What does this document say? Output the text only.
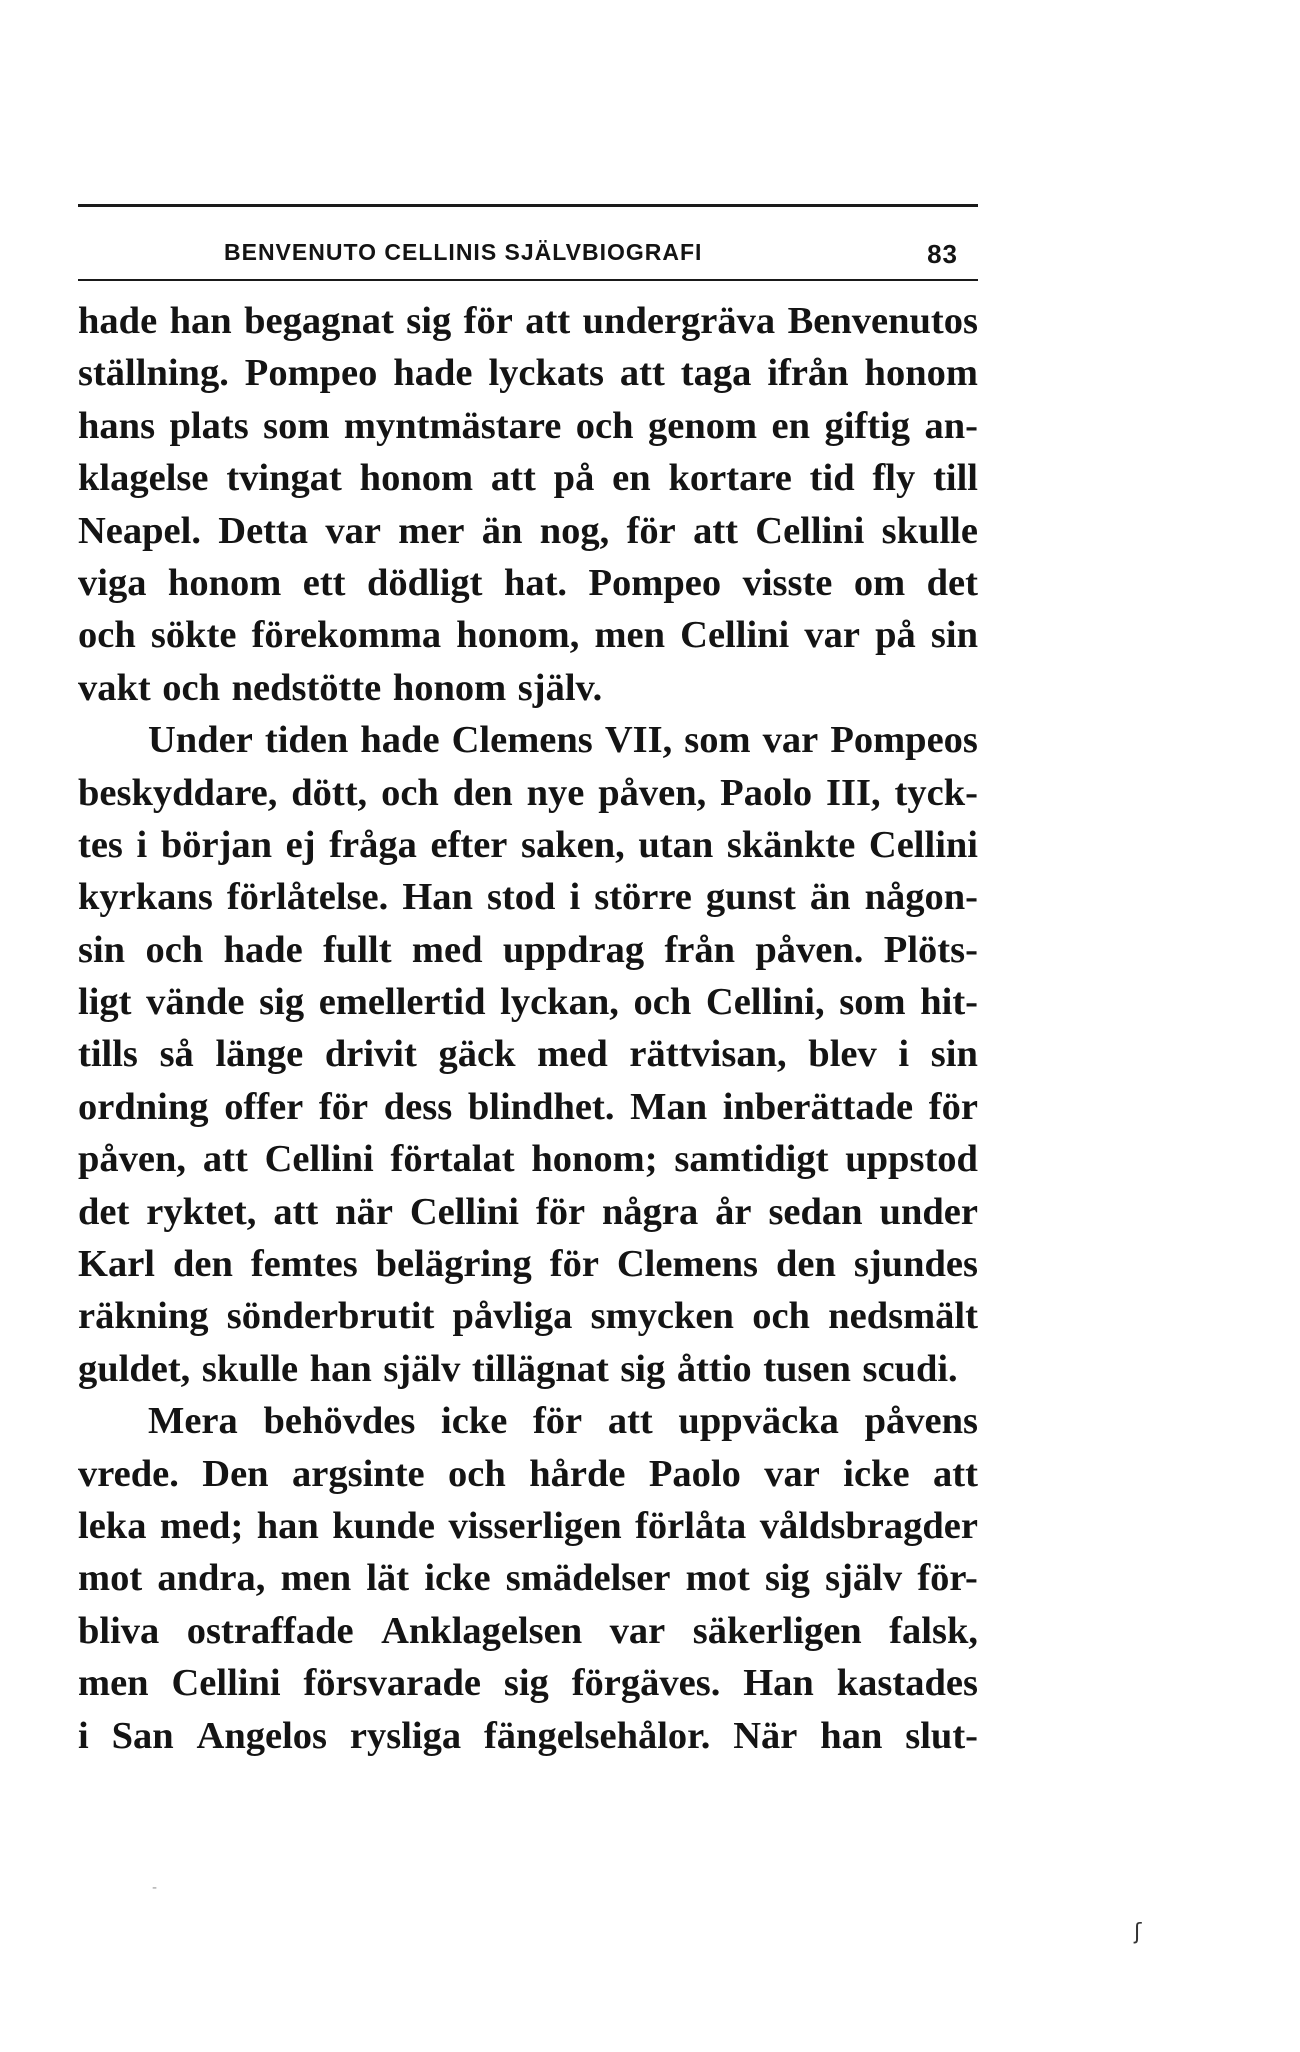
BENVENUTO CELLINIS SJÄLVBIOGRAFI	83
hade han begagnat sig för att undergräva Benvenutos
ställning. Pompeo hade lyckats att taga ifrån honom
hans plats som myntmästare och genom en giftig an-
klagelse tvingat honom att på en kortare tid fly till
Neapel. Detta var mer än nog, för att Cellini skulle
viga honom ett dödligt hat. Pompeo visste om det
och sökte förekomma honom, men Cellini var på sin
vakt och nedstötte honom själv.
Under tiden hade Clemens VII, som var Pompeos
beskyddare, dött, och den nye påven, Paolo III, tyck-
tes i början ej fråga efter saken, utan skänkte Cellini
kyrkans förlåtelse. Han stod i större gunst än någon-
sin och hade fullt med uppdrag från påven. Plöts-
ligt vände sig emellertid lyckan, och Cellini, som hit-
tills så länge drivit gäck med rättvisan, blev i sin
ordning offer för dess blindhet. Man inberättade för
påven, att Cellini förtalat honom; samtidigt uppstod
det ryktet, att när Cellini för några år sedan under
Karl den femtes belägring för Clemens den sjundes
räkning sönderbrutit påvliga smycken och nedsmält
guldet, skulle han själv tillägnat sig åttio tusen scudi.
Mera behövdes icke för att uppväcka påvens
vrede. Den argsinte och hårde Paolo var icke att
leka med; han kunde visserligen förlåta våldsbragder
mot andra, men lät icke smädelser mot sig själv för-
bliva ostraffade Anklagelsen var säkerligen falsk,
men Cellini försvarade sig förgäves. Han kastades
i San Angelos rysliga fängelsehålor. När han slut-
-
ʃ
